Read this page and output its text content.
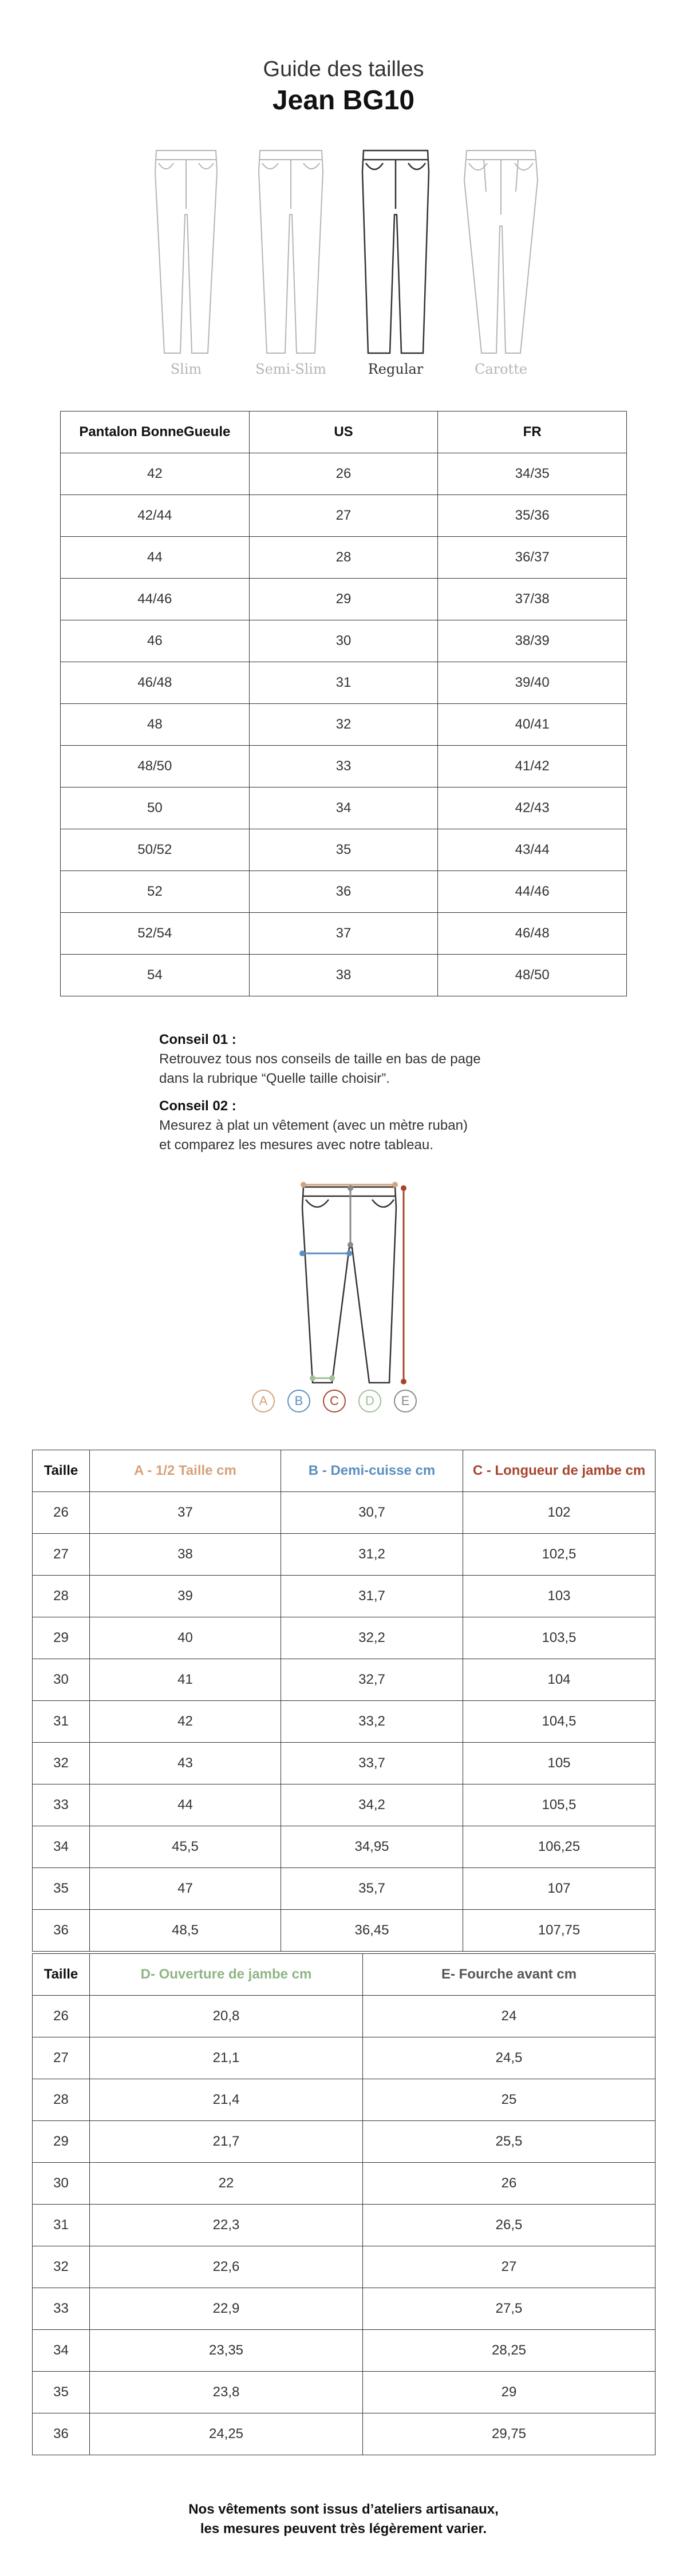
Guide des tailles
Jean BG10
Slim	Semi-Slim	Regular	Carotte
Pantalon BonneGueule	US	FR
42	26	34/35
42/44	27	35/36
44	28	36/37
44/46	29	37/38
46	30	38/39
46/48	31	39/40
48	32	40/41
48/50	33	41/42
50	34	42/43
50/52	35	43/44
52	36	44/46
52/54	37	46/48
54	38	48/50

Conseil 01 :

Retrouvez tous nos conseils de taille en bas de page

dans la rubrique “Quelle taille choisir”.

Conseil 02 :

Mesurez à plat un vêtement (avec un mètre ruban)

et comparez les mesures avec notre tableau.

A	B	C	D	E
Taille	A - 1/2 Taille cm	B - Demi-cuisse cm	C - Longueur de jambe cm
26	37	30,7	102
27	38	31,2	102,5
28	39	31,7	103
29	40	32,2	103,5
30	41	32,7	104
31	42	33,2	104,5
32	43	33,7	105
33	44	34,2	105,5
34	45,5	34,95	106,25
35	47	35,7	107
36	48,5	36,45	107,75
Taille	D- Ouverture de jambe cm	E- Fourche avant cm
26	20,8	24
27	21,1	24,5
28	21,4	25
29	21,7	25,5
30	22	26
31	22,3	26,5
32	22,6	27
33	22,9	27,5
34	23,35	28,25
35	23,8	29
36	24,25	29,75
Nos vêtements sont issus d’ateliers artisanaux,
les mesures peuvent très légèrement varier.
